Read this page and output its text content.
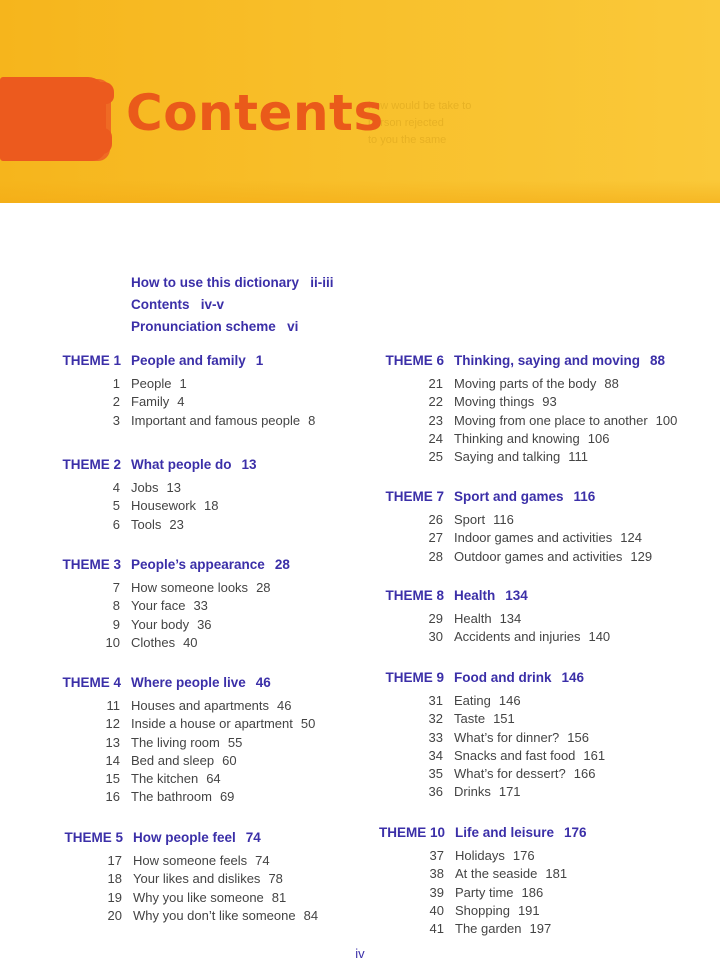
how would be take to
person rejected
to you the same
Contents
How to use this dictionary ii-iii
Contents iv-v
Pronunciation scheme vi
THEME 1 People and family 1
1 People 1
2 Family 4
3 Important and famous people 8
THEME 2 What people do 13
4 Jobs 13
5 Housework 18
6 Tools 23
THEME 3 People’s appearance 28
7 How someone looks 28
8 Your face 33
9 Your body 36
10 Clothes 40
THEME 4 Where people live 46
11 Houses and apartments 46
12 Inside a house or apartment 50
13 The living room 55
14 Bed and sleep 60
15 The kitchen 64
16 The bathroom 69
THEME 5 How people feel 74
17 How someone feels 74
18 Your likes and dislikes 78
19 Why you like someone 81
20 Why you don’t like someone 84
THEME 6 Thinking, saying and moving 88
21 Moving parts of the body 88
22 Moving things 93
23 Moving from one place to another 100
24 Thinking and knowing 106
25 Saying and talking 111
THEME 7 Sport and games 116
26 Sport 116
27 Indoor games and activities 124
28 Outdoor games and activities 129
THEME 8 Health 134
29 Health 134
30 Accidents and injuries 140
THEME 9 Food and drink 146
31 Eating 146
32 Taste 151
33 What’s for dinner? 156
34 Snacks and fast food 161
35 What’s for dessert? 166
36 Drinks 171
THEME 10 Life and leisure 176
37 Holidays 176
38 At the seaside 181
39 Party time 186
40 Shopping 191
41 The garden 197
iv
